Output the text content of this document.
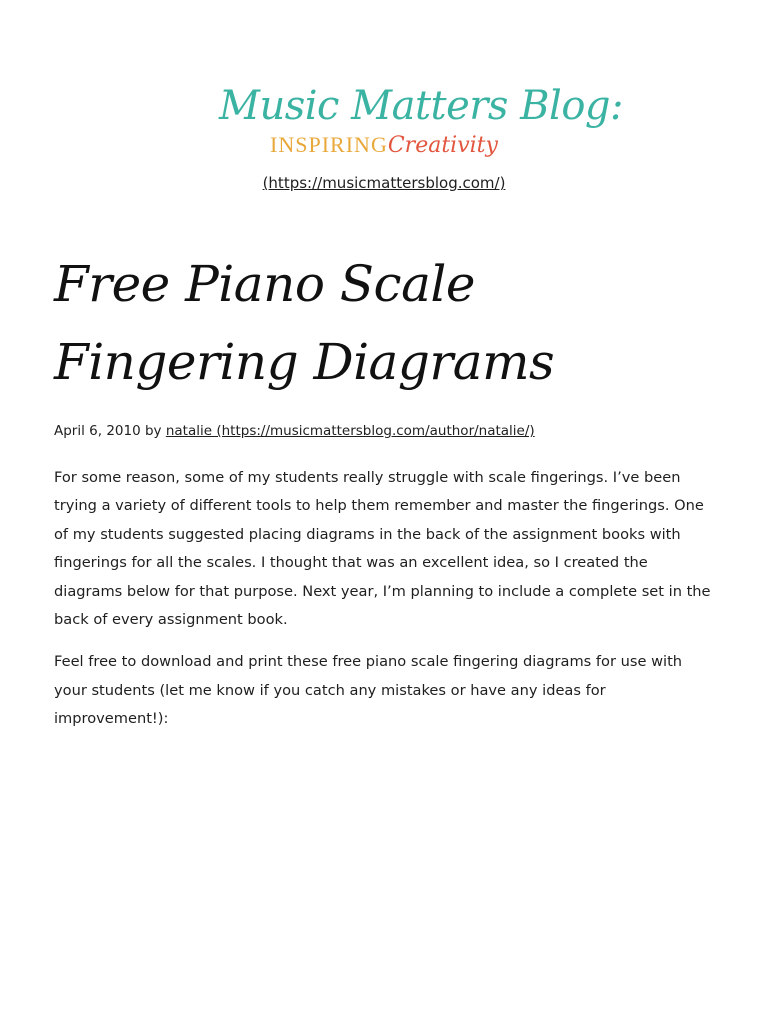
Music Matters Blog:
INSPIRINGCreativity
(https://musicmattersblog.com/)
Free Piano Scale Fingering Diagrams
April 6, 2010 by natalie (https://musicmattersblog.com/author/natalie/)

For some reason, some of my students really struggle with scale fingerings. I’ve been trying a variety of different tools to help them remember and master the fingerings. One of my students suggested placing diagrams in the back of the assignment books with fingerings for all the scales. I thought that was an excellent idea, so I created the diagrams below for that purpose. Next year, I’m planning to include a complete set in the back of every assignment book.

Feel free to download and print these free piano scale fingering diagrams for use with your students (let me know if you catch any mistakes or have any ideas for improvement!):
